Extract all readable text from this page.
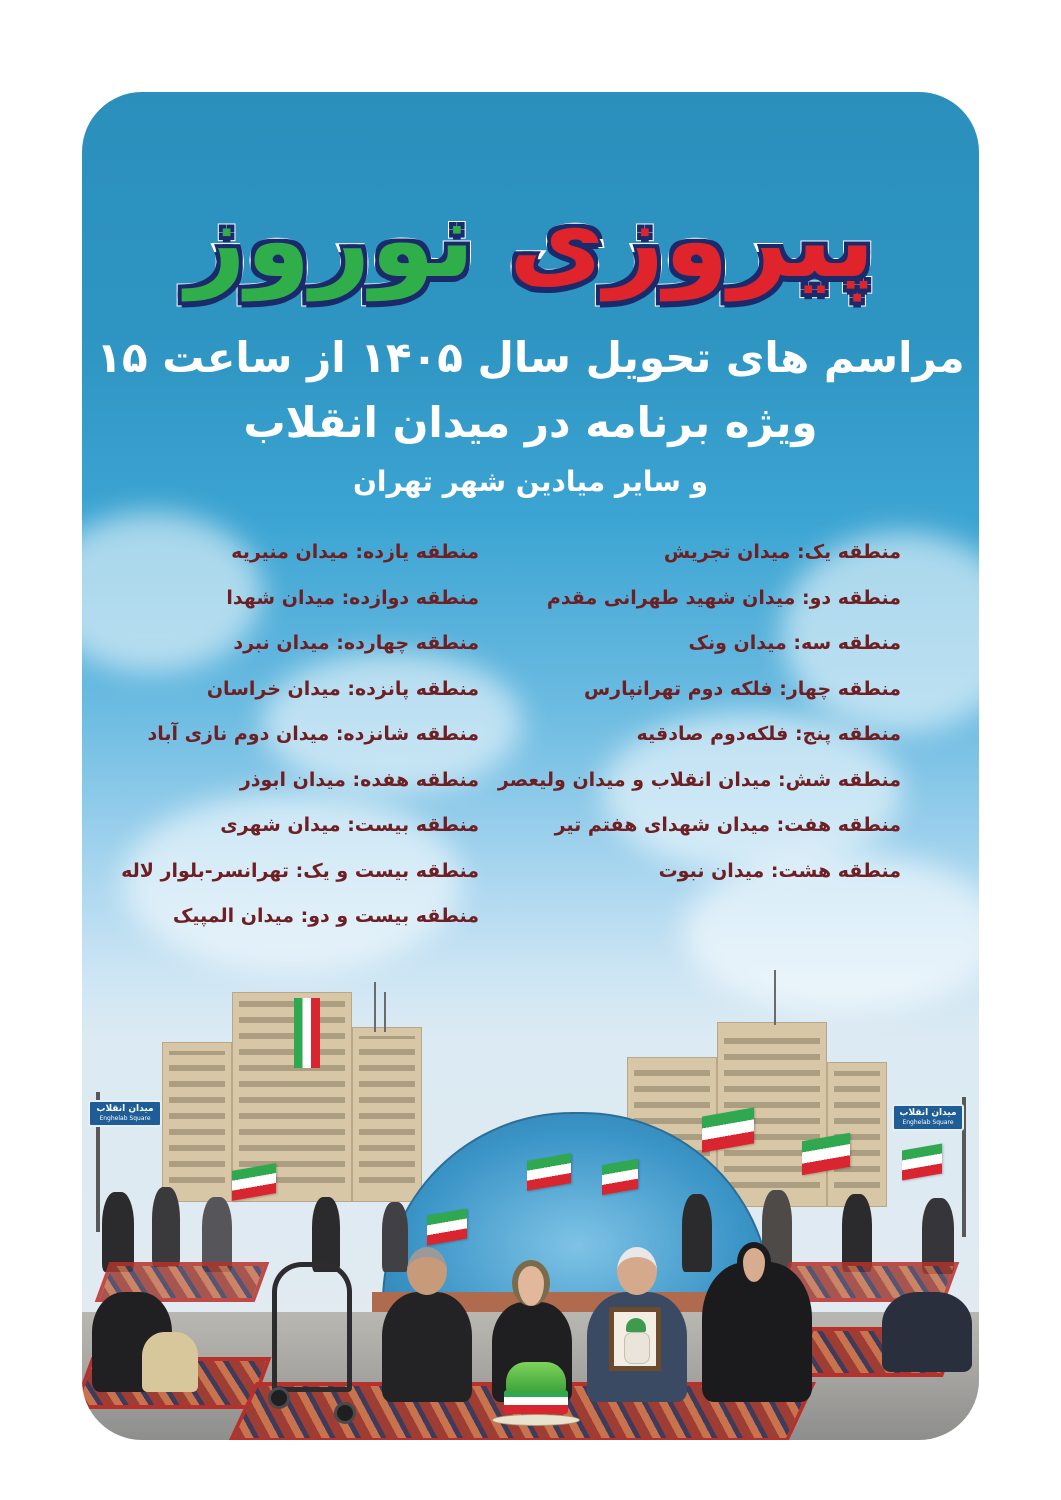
پیروزی نوروز
مراسم های تحویل سال ۱۴۰۵ از ساعت ۱۵
ویژه برنامه در میدان انقلاب
و سایر میادین شهر تهران
منطقه یک: میدان تجریش
منطقه دو: میدان شهید طهرانی مقدم
منطقه سه: میدان ونک
منطقه چهار: فلکه دوم تهرانپارس
منطقه پنج: فلکه‌دوم صادقیه
منطقه شش: میدان انقلاب و میدان ولیعصر
منطقه هفت: میدان شهدای هفتم تیر
منطقه هشت: میدان نبوت
منطقه یازده: میدان منیریه
منطقه دوازده: میدان شهدا
منطقه چهارده: میدان نبرد
منطقه پانزده: میدان خراسان
منطقه شانزده: میدان دوم نازی آباد
منطقه هفده: میدان ابوذر
منطقه بیست: میدان شهری
منطقه بیست و یک: تهرانسر-بلوار لاله
منطقه بیست و دو: میدان المپیک
میدان انقلاب
Enghelab Square
میدان انقلاب
Enghelab Square
